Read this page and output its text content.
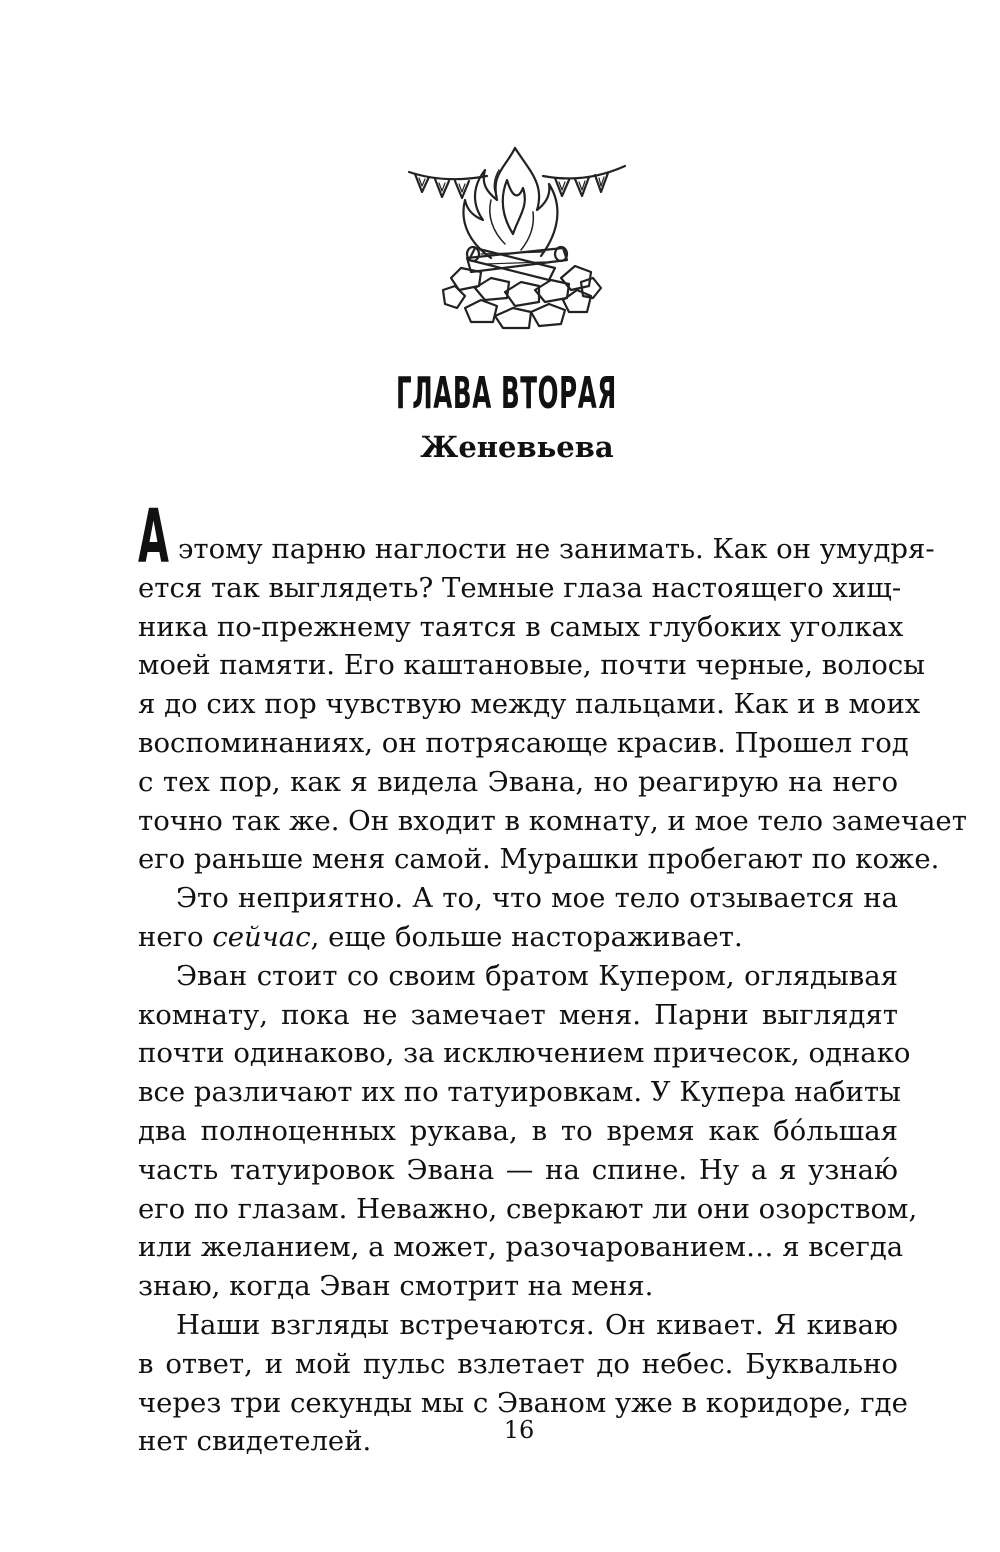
ГЛАВА ВТОРАЯ
Женевьева
А этому парню наглости не занимать. Как он умудря-

ется так выглядеть? Темные глаза настоящего хищ-
ника по-прежнему таятся в самых глубоких уголках
моей памяти. Его каштановые, почти черные, волосы
я до сих пор чувствую между пальцами. Как и в моих
воспоминаниях, он потрясающе красив. Прошел год
с тех пор, как я видела Эвана, но реагирую на него
точно так же. Он входит в комнату, и мое тело замечает
его раньше меня самой. Мурашки пробегают по коже.

Это неприятно. А то, что мое тело отзывается на
него сейчас, еще больше настораживает.

Эван стоит со своим братом Купером, оглядывая
комнату, пока не замечает меня. Парни выглядят
почти одинаково, за исключением причесок, однако
все различают их по татуировкам. У Купера набиты
два полноценных рукава, в то время как бóльшая
часть татуировок Эвана — на спине. Ну а я узнаю́
его по глазам. Неважно, сверкают ли они озорством,
или желанием, а может, разочарованием… я всегда
знаю, когда Эван смотрит на меня.

Наши взгляды встречаются. Он кивает. Я киваю
в ответ, и мой пульс взлетает до небес. Буквально
через три секунды мы с Эваном уже в коридоре, где
нет свидетелей.	16
